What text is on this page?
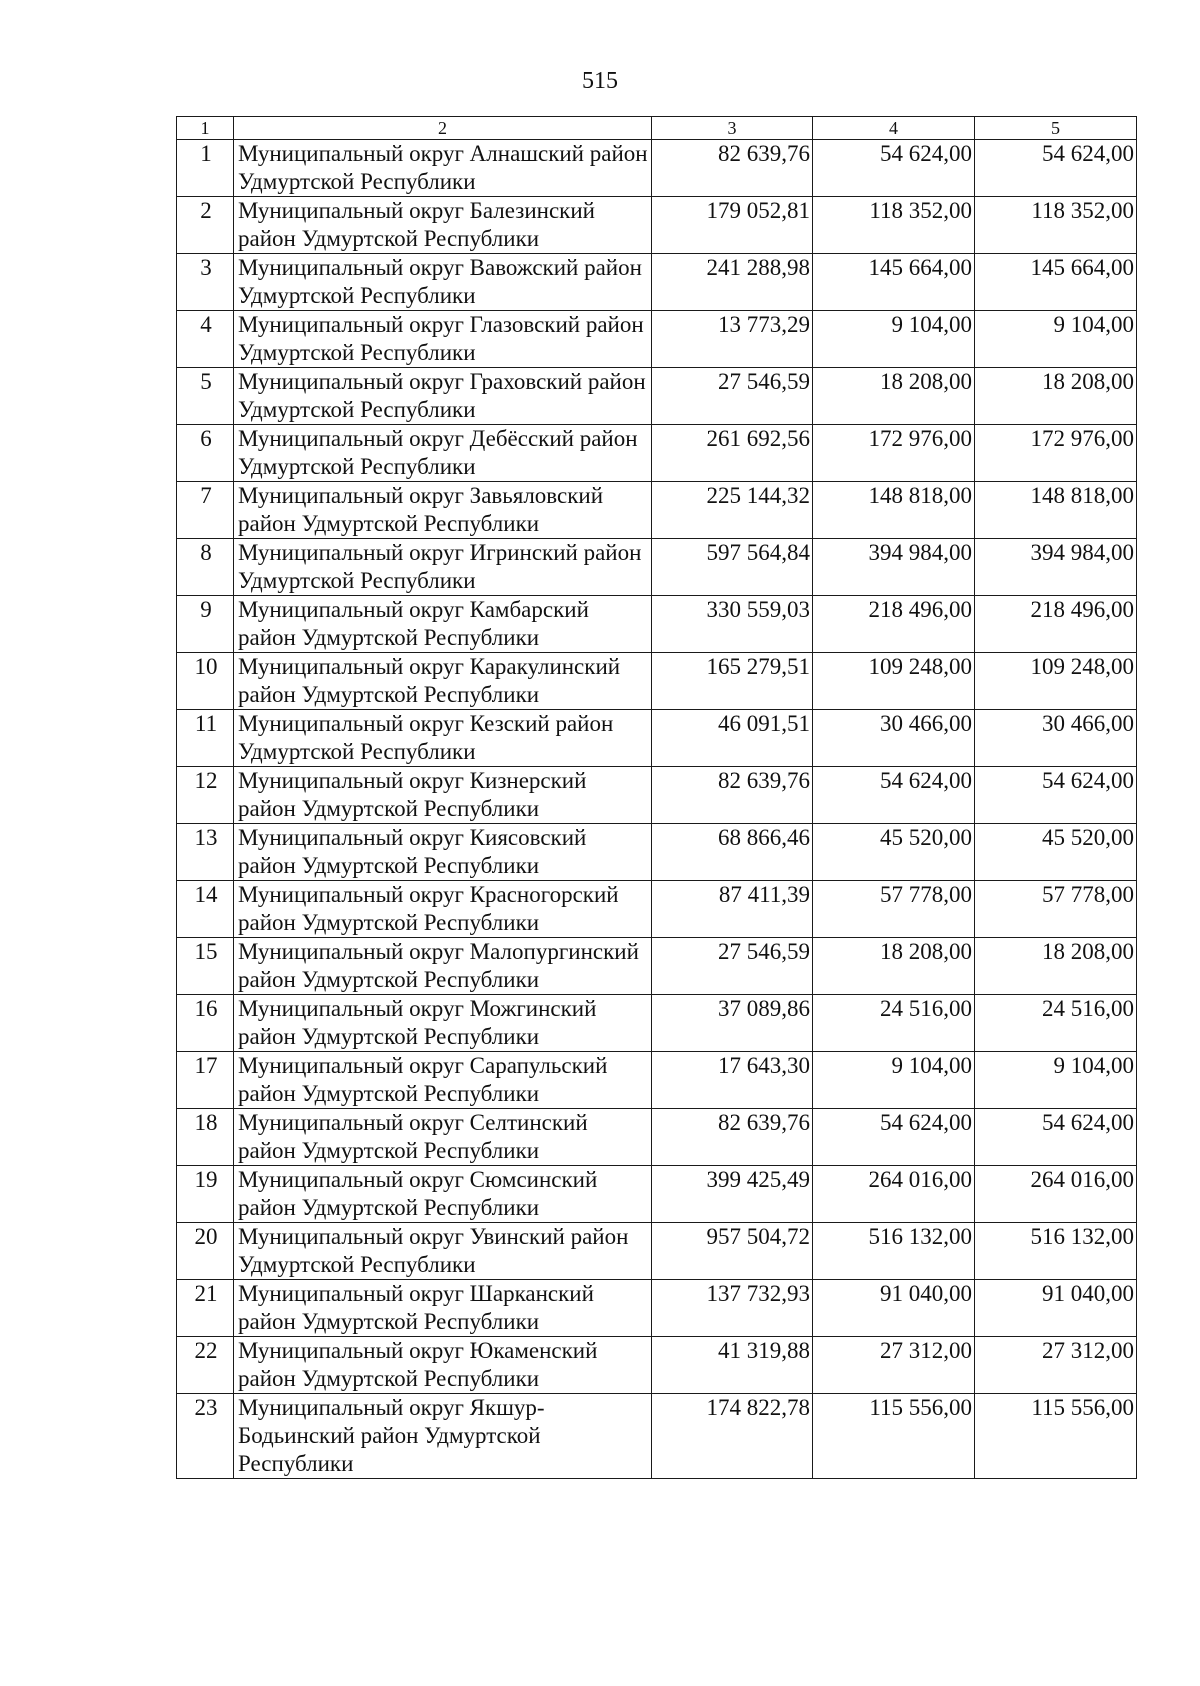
515
1	2	3	4	5
1	Муниципальный округ Алнашский район Удмуртской Республики	82 639,76	54 624,00	54 624,00
2	Муниципальный округ Балезинский район Удмуртской Республики	179 052,81	118 352,00	118 352,00
3	Муниципальный округ Вавожский район Удмуртской Республики	241 288,98	145 664,00	145 664,00
4	Муниципальный округ Глазовский район Удмуртской Республики	13 773,29	9 104,00	9 104,00
5	Муниципальный округ Граховский район Удмуртской Республики	27 546,59	18 208,00	18 208,00
6	Муниципальный округ Дебёсский район Удмуртской Республики	261 692,56	172 976,00	172 976,00
7	Муниципальный округ Завьяловский район Удмуртской Республики	225 144,32	148 818,00	148 818,00
8	Муниципальный округ Игринский район Удмуртской Республики	597 564,84	394 984,00	394 984,00
9	Муниципальный округ Камбарский район Удмуртской Республики	330 559,03	218 496,00	218 496,00
10	Муниципальный округ Каракулинский район Удмуртской Республики	165 279,51	109 248,00	109 248,00
11	Муниципальный округ Кезский район Удмуртской Республики	46 091,51	30 466,00	30 466,00
12	Муниципальный округ Кизнерский район Удмуртской Республики	82 639,76	54 624,00	54 624,00
13	Муниципальный округ Киясовский район Удмуртской Республики	68 866,46	45 520,00	45 520,00
14	Муниципальный округ Красногорский район Удмуртской Республики	87 411,39	57 778,00	57 778,00
15	Муниципальный округ Малопургинский район Удмуртской Республики	27 546,59	18 208,00	18 208,00
16	Муниципальный округ Можгинский район Удмуртской Республики	37 089,86	24 516,00	24 516,00
17	Муниципальный округ Сарапульский район Удмуртской Республики	17 643,30	9 104,00	9 104,00
18	Муниципальный округ Селтинский район Удмуртской Республики	82 639,76	54 624,00	54 624,00
19	Муниципальный округ Сюмсинский район Удмуртской Республики	399 425,49	264 016,00	264 016,00
20	Муниципальный округ Увинский район Удмуртской Республики	957 504,72	516 132,00	516 132,00
21	Муниципальный округ Шарканский район Удмуртской Республики	137 732,93	91 040,00	91 040,00
22	Муниципальный округ Юкаменский район Удмуртской Республики	41 319,88	27 312,00	27 312,00
23	Муниципальный округ Якшур-Бодьинский район Удмуртской Республики	174 822,78	115 556,00	115 556,00
